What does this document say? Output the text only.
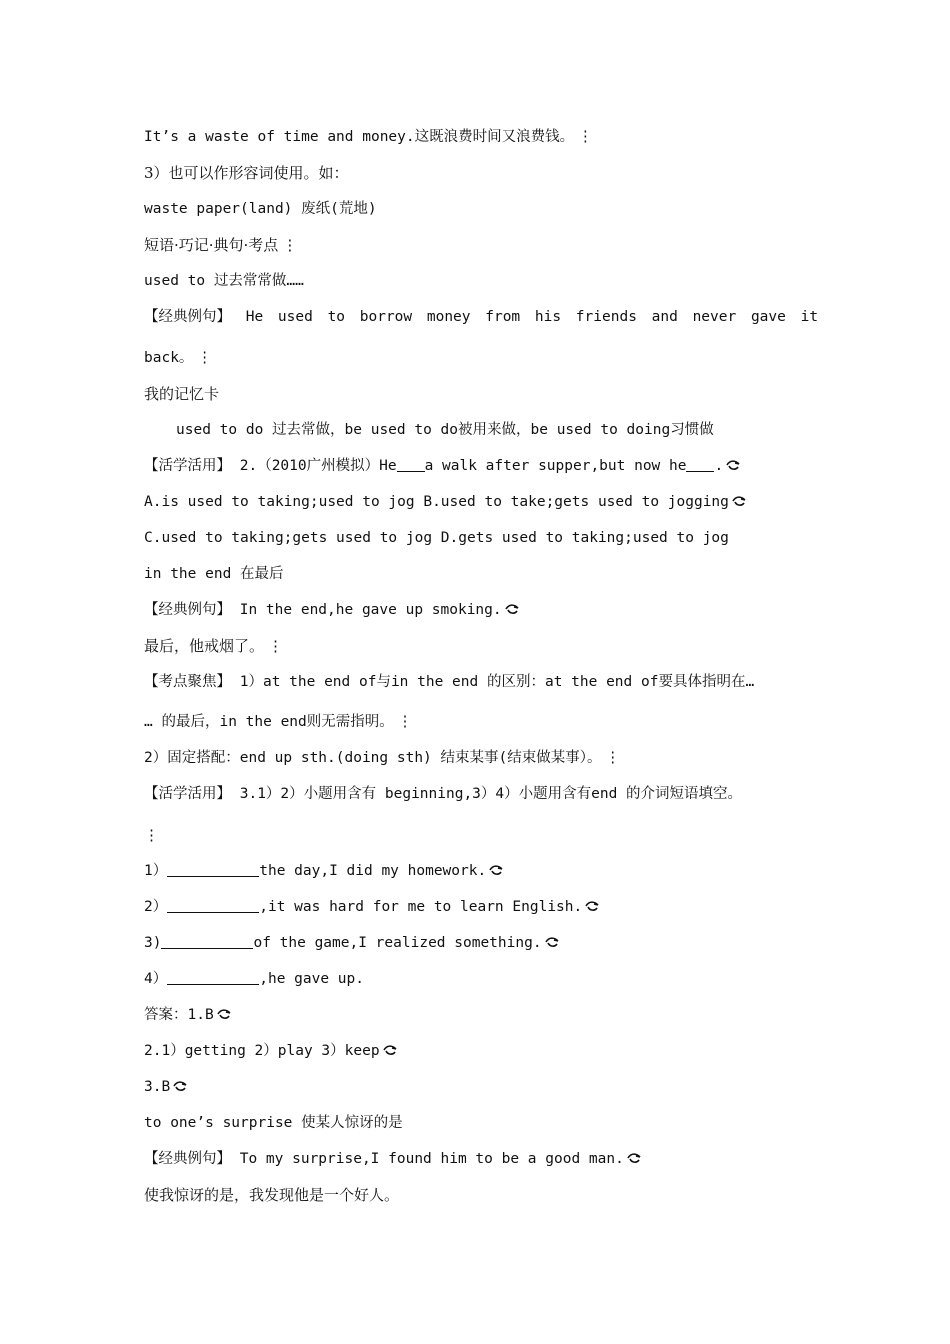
It’s a waste of time and money.这既浪费时间又浪费钱。 ⋮
3）也可以作形容词使用。如：
waste paper(land) 废纸(荒地)
短语·巧记·典句·考点 ⋮
used to 过去常常做……
【经典例句】 He used to borrow money from his friends and never gave it
back。 ⋮
我的记忆卡
used to do 过去常做，be used to do被用来做，be used to doing习惯做
【活学活用】 2.（2010广州模拟）He a walk after supper,but now he .
A.is used to taking;used to jog B.used to take;gets used to jogging
C.used to taking;gets used to jog D.gets used to taking;used to jog
in the end 在最后
【经典例句】 In the end,he gave up smoking.
最后，他戒烟了。 ⋮
【考点聚焦】 1）at the end of与in the end 的区别：at the end of要具体指明在…
… 的最后，in the end则无需指明。 ⋮
2）固定搭配：end up sth.(doing sth) 结束某事(结束做某事）。 ⋮
【活学活用】 3.1）2）小题用含有 beginning,3）4）小题用含有end 的介词短语填空。
⋮
1）	the day,I did my homework.
2）	,it was hard for me to learn English.
3)	of the game,I realized something.
4）	,he gave up.
答案：1.B
2.1）getting 2）play 3）keep
3.B
to one’s surprise 使某人惊讶的是
【经典例句】 To my surprise,I found him to be a good man.
使我惊讶的是，我发现他是一个好人。
